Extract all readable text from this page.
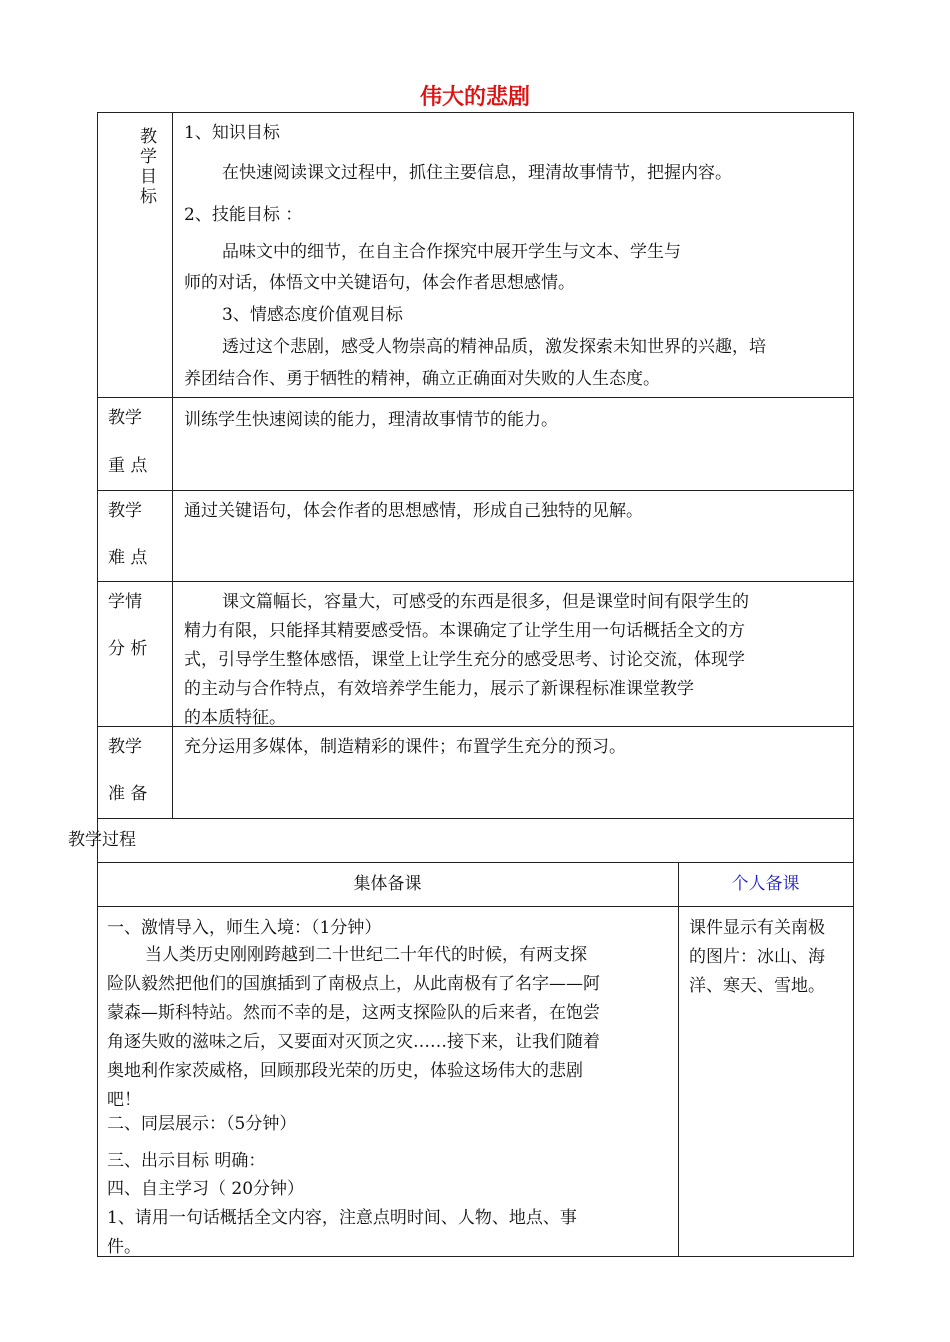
伟大的悲剧
教
学
目
标
1、知识目标
在快速阅读课文过程中，抓住主要信息，理清故事情节，把握内容。
2、技能目标 ：
品味文中的细节，在自主合作探究中展开学生与文本、学生与
师的对话，体悟文中关键语句，体会作者思想感情。
3、情感态度价值观目标
透过这个悲剧，感受人物崇高的精神品质，激发探索未知世界的兴趣，培
养团结合作、勇于牺牲的精神，确立正确面对失败的人生态度。
教学
重 点
训练学生快速阅读的能力，理清故事情节的能力。
教学
难 点
通过关键语句，体会作者的思想感情，形成自己独特的见解。
学情
分 析
课文篇幅长，容量大，可感受的东西是很多，但是课堂时间有限学生的
精力有限，只能择其精要感受悟。本课确定了让学生用一句话概括全文的方
式，引导学生整体感悟，课堂上让学生充分的感受思考、讨论交流，体现学
的主动与合作特点，有效培养学生能力，展示了新课程标准课堂教学
的本质特征。
教学
准 备
充分运用多媒体，制造精彩的课件；布置学生充分的预习。
教学过程
集体备课	个人备课
一、激情导入，师生入境：（1分钟）
当人类历史刚刚跨越到二十世纪二十年代的时候，有两支探
险队毅然把他们的国旗插到了南极点上，从此南极有了名字——阿
蒙森—斯科特站。然而不幸的是，这两支探险队的后来者，在饱尝
角逐失败的滋味之后，又要面对灭顶之灾……接下来，让我们随着
奥地利作家茨威格，回顾那段光荣的历史，体验这场伟大的悲剧
吧！
二、同层展示：（5分钟）
三、出示目标 明确：
四、自主学习（ 20分钟）
1、请用一句话概括全文内容，注意点明时间、人物、地点、事
件。
课件显示有关南极
的图片：冰山、海
洋、寒天、雪地。
